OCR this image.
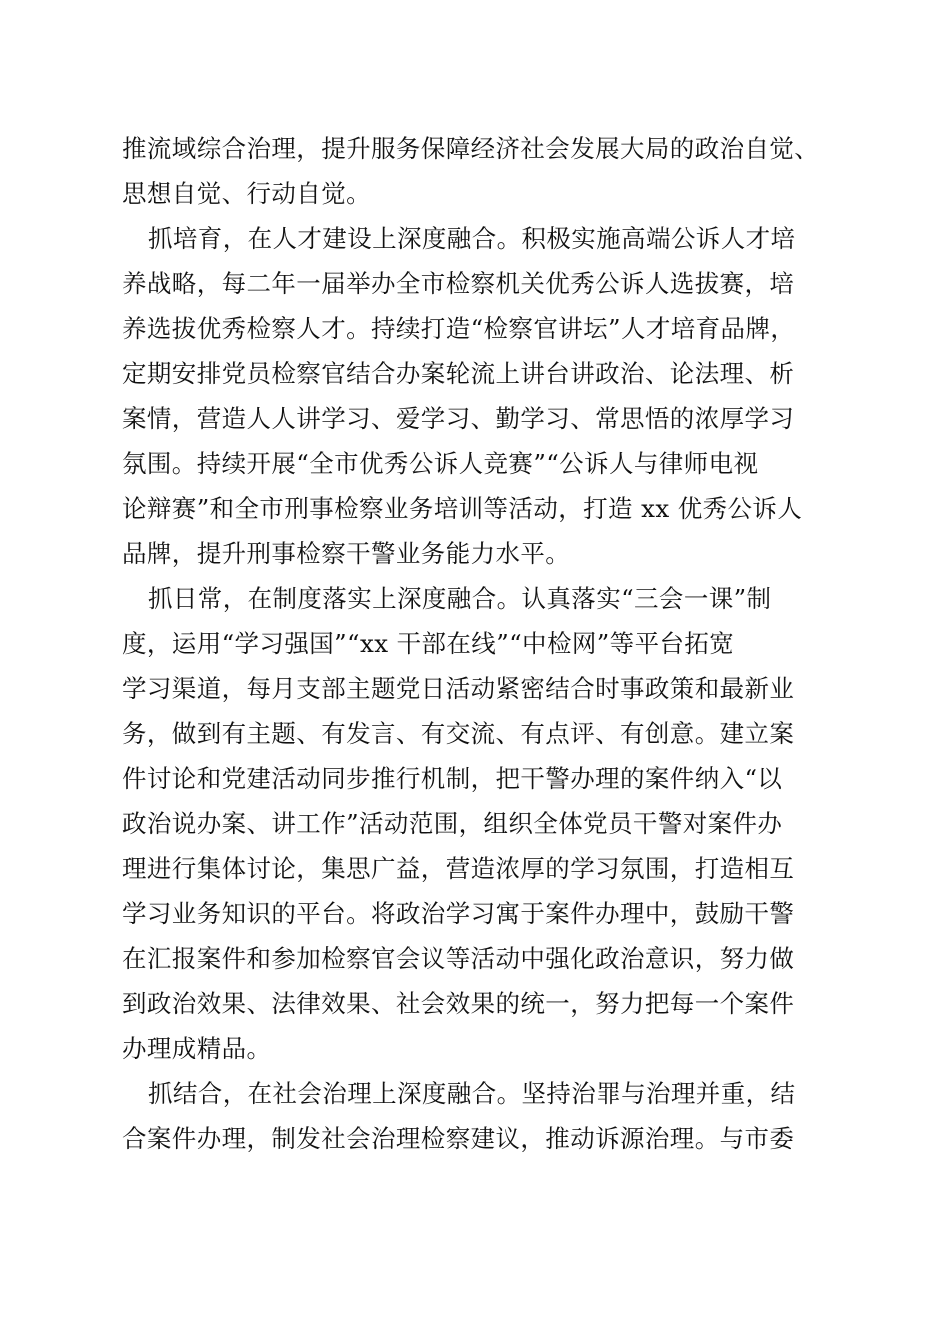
推流域综合治理，提升服务保障经济社会发展大局的政治自觉、
思想自觉、行动自觉。
抓培育，在人才建设上深度融合。积极实施高端公诉人才培
养战略，每二年一届举办全市检察机关优秀公诉人选拔赛，培
养选拔优秀检察人才。持续打造“检察官讲坛”人才培育品牌，
定期安排党员检察官结合办案轮流上讲台讲政治、论法理、析
案情，营造人人讲学习、爱学习、勤学习、常思悟的浓厚学习
氛围。持续开展“全市优秀公诉人竞赛”“公诉人与律师电视
论辩赛”和全市刑事检察业务培训等活动，打造 xx 优秀公诉人
品牌，提升刑事检察干警业务能力水平。
抓日常，在制度落实上深度融合。认真落实“三会一课”制
度，运用“学习强国”“xx 干部在线”“中检网”等平台拓宽
学习渠道，每月支部主题党日活动紧密结合时事政策和最新业
务，做到有主题、有发言、有交流、有点评、有创意。建立案
件讨论和党建活动同步推行机制，把干警办理的案件纳入“以
政治说办案、讲工作”活动范围，组织全体党员干警对案件办
理进行集体讨论，集思广益，营造浓厚的学习氛围，打造相互
学习业务知识的平台。将政治学习寓于案件办理中，鼓励干警
在汇报案件和参加检察官会议等活动中强化政治意识，努力做
到政治效果、法律效果、社会效果的统一，努力把每一个案件
办理成精品。
抓结合，在社会治理上深度融合。坚持治罪与治理并重，结
合案件办理，制发社会治理检察建议，推动诉源治理。与市委
